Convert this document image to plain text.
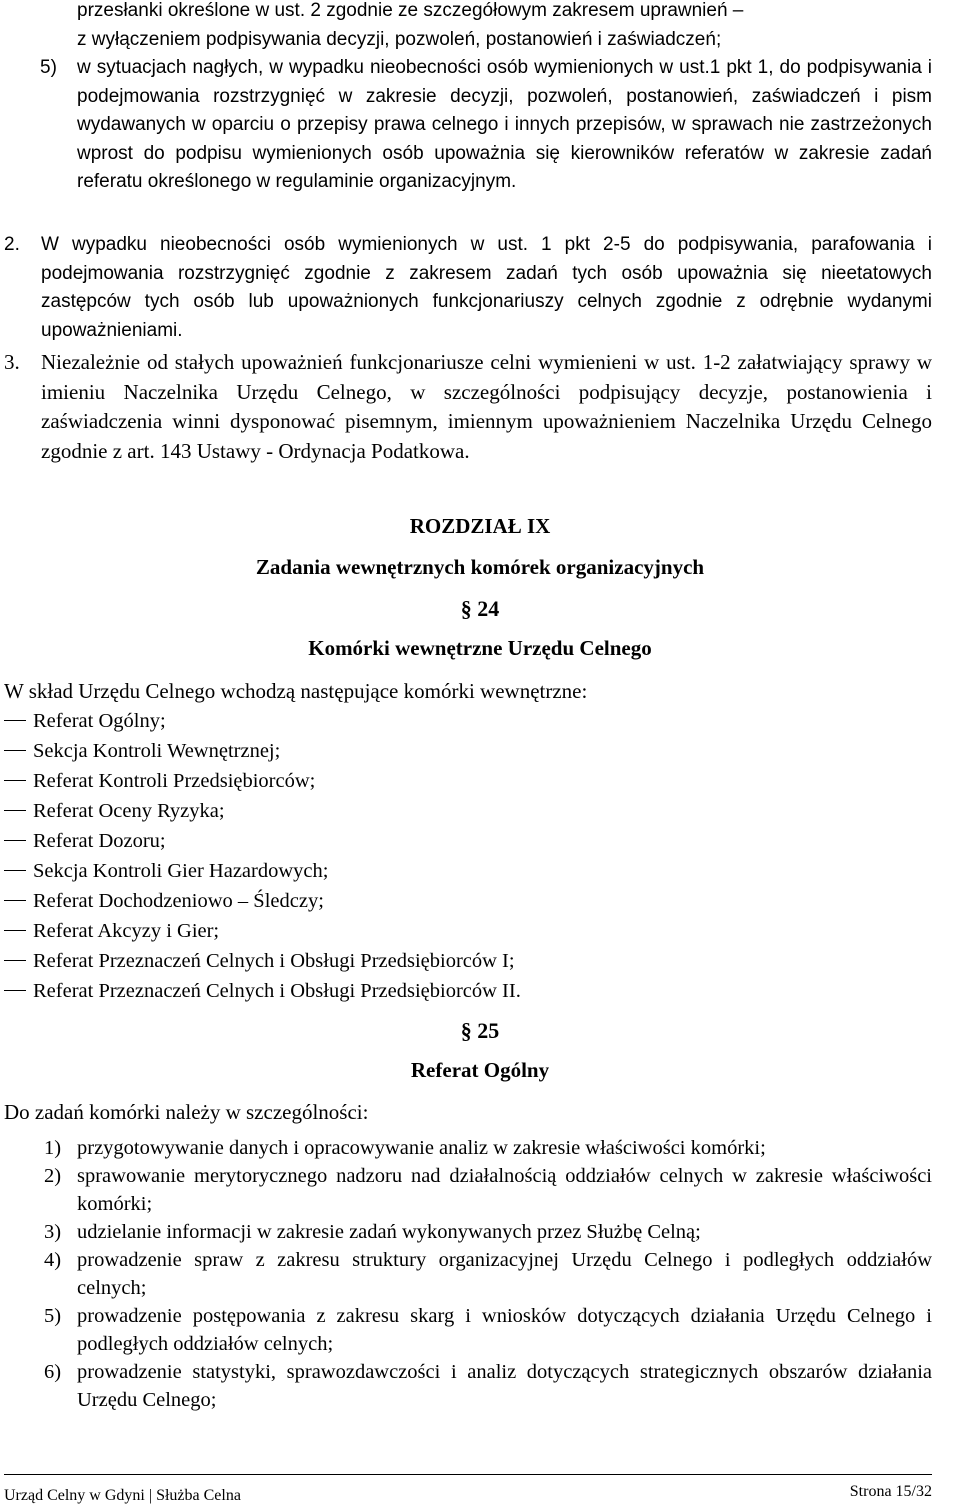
przesłanki określone w ust. 2 zgodnie ze szczegółowym zakresem uprawnień –
z wyłączeniem podpisywania decyzji, pozwoleń, postanowień i zaświadczeń;
5) w sytuacjach nagłych, w wypadku nieobecności osób wymienionych w ust.1 pkt 1, do podpisywania i podejmowania rozstrzygnięć w zakresie decyzji, pozwoleń, postanowień, zaświadczeń i pism wydawanych w oparciu o przepisy prawa celnego i innych przepisów, w sprawach nie zastrzeżonych wprost do podpisu wymienionych osób upoważnia się kierowników referatów w zakresie zadań referatu określonego w regulaminie organizacyjnym.
2. W wypadku nieobecności osób wymienionych w ust. 1 pkt 2-5 do podpisywania, parafowania i podejmowania rozstrzygnięć zgodnie z zakresem zadań tych osób upoważnia się nieetatowych zastępców tych osób lub upoważnionych funkcjonariuszy celnych zgodnie z odrębnie wydanymi upoważnieniami.
3. Niezależnie od stałych upoważnień funkcjonariusze celni wymienieni w ust. 1-2 załatwiający sprawy w imieniu Naczelnika Urzędu Celnego, w szczególności podpisujący decyzje, postanowienia i zaświadczenia winni dysponować pisemnym, imiennym upoważnieniem Naczelnika Urzędu Celnego zgodnie z art. 143 Ustawy - Ordynacja Podatkowa.
ROZDZIAŁ IX
Zadania wewnętrznych komórek organizacyjnych
§ 24
Komórki wewnętrzne Urzędu Celnego
W skład Urzędu Celnego wchodzą następujące komórki wewnętrzne:
Referat Ogólny;
Sekcja Kontroli Wewnętrznej;
Referat Kontroli Przedsiębiorców;
Referat Oceny Ryzyka;
Referat Dozoru;
Sekcja Kontroli Gier Hazardowych;
Referat Dochodzeniowo – Śledczy;
Referat Akcyzy i Gier;
Referat Przeznaczeń Celnych i Obsługi Przedsiębiorców I;
Referat Przeznaczeń Celnych i Obsługi Przedsiębiorców II.
§ 25
Referat Ogólny
Do zadań komórki należy w szczególności:
1) przygotowywanie danych i opracowywanie analiz w zakresie właściwości komórki;
2) sprawowanie merytorycznego nadzoru nad działalnością oddziałów celnych w zakresie właściwości komórki;
3) udzielanie informacji w zakresie zadań wykonywanych przez Służbę Celną;
4) prowadzenie spraw z zakresu struktury organizacyjnej Urzędu Celnego i podległych oddziałów celnych;
5) prowadzenie postępowania z zakresu skarg i wniosków dotyczących działania Urzędu Celnego i podległych oddziałów celnych;
6) prowadzenie statystyki, sprawozdawczości i analiz dotyczących strategicznych obszarów działania Urzędu Celnego;
Urząd Celny w Gdyni | Służba Celna	Strona 15/32
